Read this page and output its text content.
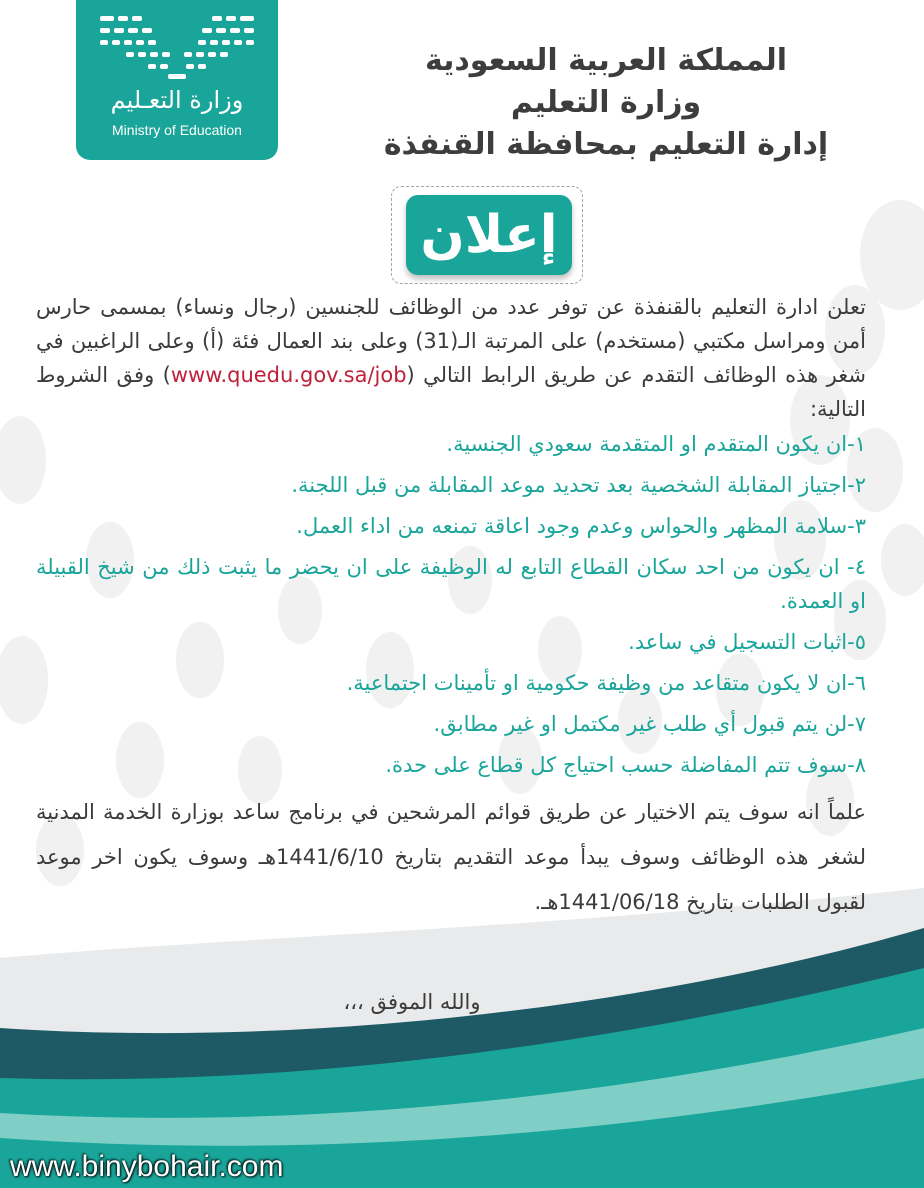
وزارة التعـليم
Ministry of Education
المملكة العربية السعودية
وزارة التعليم
إدارة التعليم بمحافظة القنفذة
إعلان

تعلن ادارة التعليم بالقنفذة عن توفر عدد من الوظائف للجنسين (رجال ونساء) بمسمى حارس أمن ومراسل مكتبي (مستخدم) على المرتبة الـ(31) وعلى بند العمال فئة (أ) وعلى الراغبين في شغر هذه الوظائف التقدم عن طريق الرابط التالي (www.quedu.gov.sa/job) وفق الشروط التالية:

١-ان يكون المتقدم او المتقدمة سعودي الجنسية.

٢-اجتياز المقابلة الشخصية بعد تحديد موعد المقابلة من قبل اللجنة.

٣-سلامة المظهر والحواس وعدم وجود اعاقة تمنعه من اداء العمل.

٤- ان يكون من احد سكان القطاع التابع له الوظيفة على ان يحضر ما يثبت ذلك من شيخ القبيلة او العمدة.

٥-اثبات التسجيل في ساعد.

٦-ان لا يكون متقاعد من وظيفة حكومية او تأمينات اجتماعية.

٧-لن يتم قبول أي طلب غير مكتمل او غير مطابق.

٨-سوف تتم المفاضلة حسب احتياج كل قطاع على حدة.

علماً انه سوف يتم الاختيار عن طريق قوائم المرشحين في برنامج ساعد بوزارة الخدمة المدنية لشغر هذه الوظائف وسوف يبدأ موعد التقديم بتاريخ 1441/6/10هـ وسوف يكون اخر موعد لقبول الطلبات بتاريخ 1441/06/18هـ.

والله الموفق ،،،
www.binybohair.com
